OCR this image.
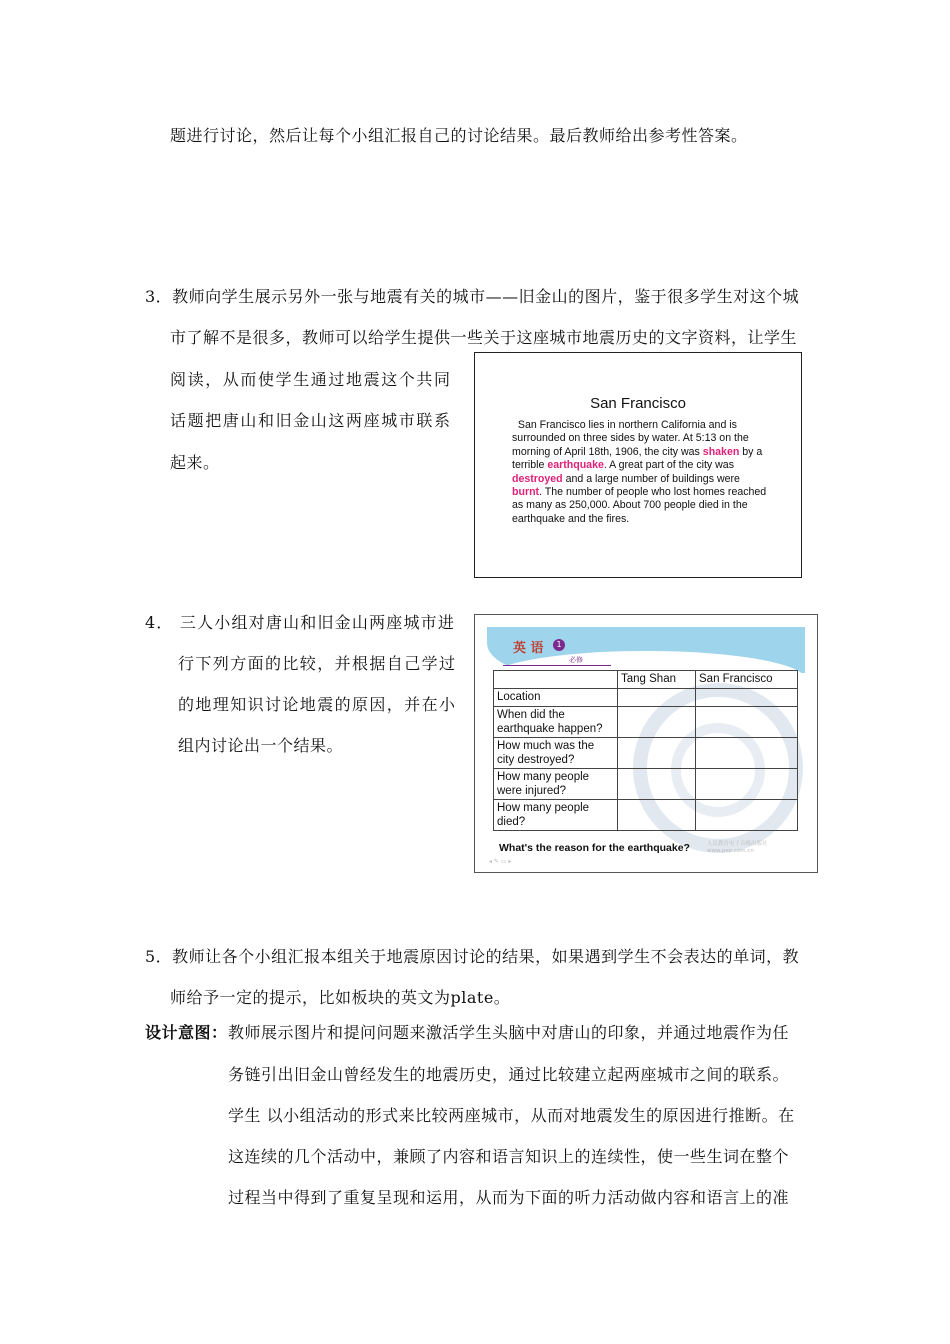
题进行讨论，然后让每个小组汇报自己的讨论结果。最后教师给出参考性答案。
3．教师向学生展示另外一张与地震有关的城市——旧金山的图片，鉴于很多学生对这个城
市了解不是很多，教师可以给学生提供一些关于这座城市地震历史的文字资料，让学生
阅读，从而使学生通过地震这个共同
话题把唐山和旧金山这两座城市联系
起来。
San Francisco
San Francisco lies in northern California and is surrounded on three sides by water. At 5:13 on the morning of April 18th, 1906, the city was shaken by a terrible earthquake. A great part of the city was destroyed and a large number of buildings were burnt. The number of people who lost homes reached as many as 250,000. About 700 people died in the earthquake and the fires.
4． 三人小组对唐山和旧金山两座城市进
行下列方面的比较，并根据自己学过
的地理知识讨论地震的原因，并在小
组内讨论出一个结果。
英 语	1
必修
	Tang Shan	San Francisco
Location		
When did the earthquake happen?		
How much was the city destroyed?		
How many people were injured?		
How many people died?		
What's the reason for the earthquake?	人民教育电子音像出版社
www.pep.com.cn
◂ ✎ ▭ ▸
5．教师让各个小组汇报本组关于地震原因讨论的结果，如果遇到学生不会表达的单词，教
师给予一定的提示，比如板块的英文为plate。
设计意图： 教师展示图片和提问问题来激活学生头脑中对唐山的印象，并通过地震作为任
务链引出旧金山曾经发生的地震历史，通过比较建立起两座城市之间的联系。
学生 以小组活动的形式来比较两座城市，从而对地震发生的原因进行推断。在
这连续的几个活动中，兼顾了内容和语言知识上的连续性，使一些生词在整个
过程当中得到了重复呈现和运用，从而为下面的听力活动做内容和语言上的准
